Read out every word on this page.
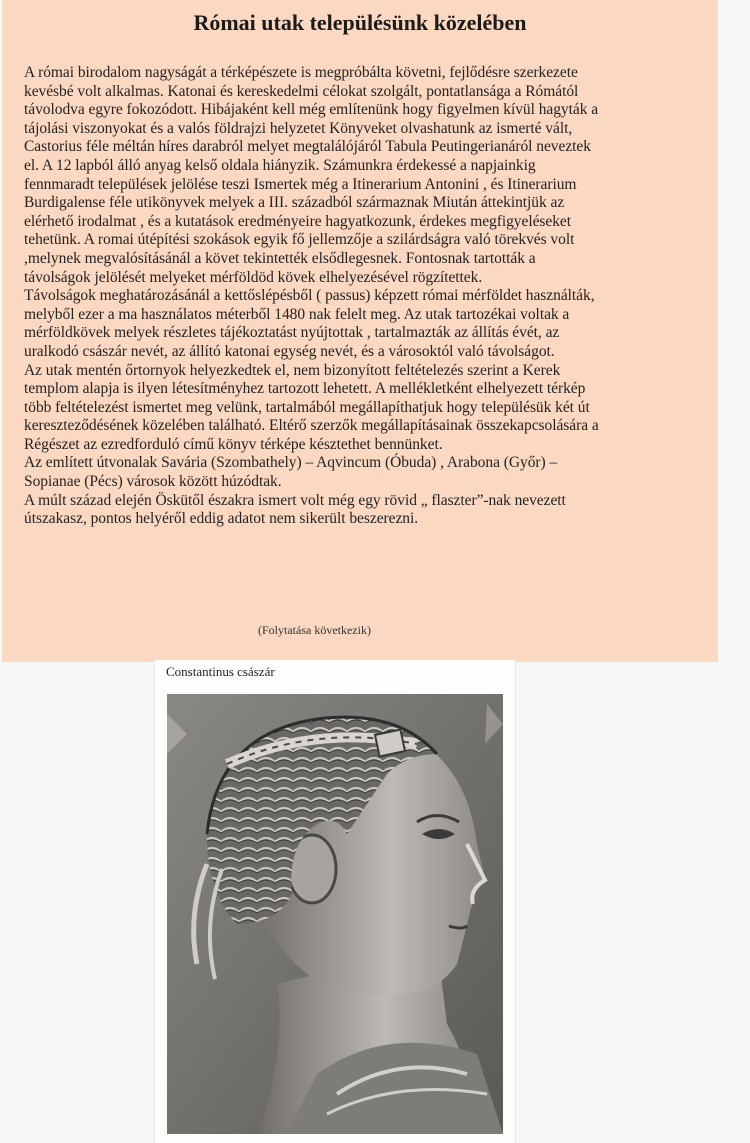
Római utak településünk közelében
A római birodalom nagyságát a térképészete is megpróbálta követni, fejlődésre szerkezete
kevésbé volt alkalmas. Katonai és kereskedelmi célokat szolgált, pontatlansága a Rómától
távolodva egyre fokozódott. Hibájaként kell még említenünk hogy figyelmen kívül hagyták a
tájolási viszonyokat és a valós földrajzi helyzetet Könyveket olvashatunk az ismerté vált,
Castorius féle méltán híres darabról melyet megtalálójáról Tabula Peutingerianáról neveztek
el. A 12 lapból álló anyag kelső oldala hiányzik. Számunkra érdekessé a napjainkig
fennmaradt települések jelölése teszi Ismertek még a Itinerarium Antonini , és Itinerarium
Burdigalense féle utikönyvek melyek a III. századból származnak Miután áttekintjük az
elérhető irodalmat , és a kutatások eredményeire hagyatkozunk, érdekes megfigyeléseket
tehetünk. A romai útépítési szokások egyik fő jellemzője a szilárdságra való törekvés volt
,melynek megvalósításánál a követ tekintették elsődlegesnek. Fontosnak tartották a
távolságok jelölését melyeket mérföldöd kövek elhelyezésével rögzítettek.
Távolságok meghatározásánál a kettőslépésből ( passus) képzett római mérföldet használták,
melyből ezer a ma használatos méterből 1480 nak felelt meg. Az utak tartozékai voltak a
mérföldkövek melyek részletes tájékoztatást nyújtottak , tartalmazták az állítás évét, az
uralkodó császár nevét, az állító katonai egység nevét, és a városoktól való távolságot.
Az utak mentén őrtornyok helyezkedtek el, nem bizonyított feltételezés szerint a Kerek
templom alapja is ilyen létesítményhez tartozott lehetett. A mellékletként elhelyezett térkép
több feltételezést ismertet meg velünk, tartalmából megállapíthatjuk hogy településük két út
kereszteződésének közelében található. Eltérő szerzők megállapításainak összekapcsolására a
Régészet az ezredforduló című könyv térképe késztethet bennünket.
Az említett útvonalak Savária (Szombathely) – Aqvincum (Óbuda) , Arabona (Győr) –
Sopianae (Pécs) városok között húzódtak.
A múlt század elején Öskütől északra ismert volt még egy rövid „ flaszter”-nak nevezett
útszakasz, pontos helyéről eddig adatot nem sikerült beszerezni.
(Folytatása következik)
Constantinus császár
